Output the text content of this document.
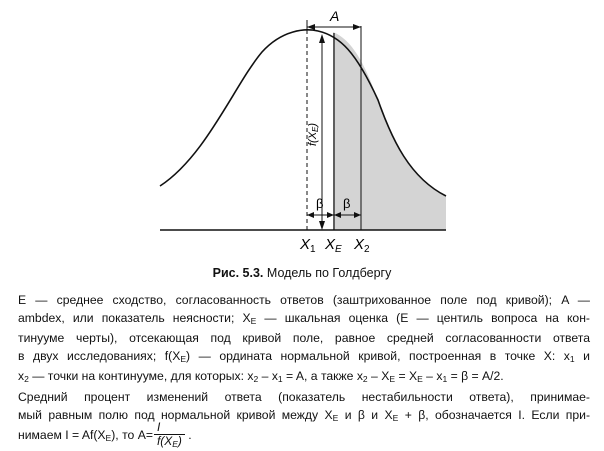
A
f(XE)
β β
$X_1$ $X_E$ $X_2$
Рис. 5.3. Модель по Голдбергу

E — среднее сходство, согласованность ответов (заштрихованное поле под кривой); A —

ambdex, или показатель неясности; $X_E$ — шкальная оценка (E — центиль вопроса на кон-

тинууме черты), отсекающая под кривой поле, равное средней согласованности ответа

в двух исследованиях; $f(X_E)$ — ордината нормальной кривой, построенная в точке X: $x_1$ и

$x_2$ — точки на континууме, для которых: $x_2 - x_1 = A$, а также $x_2 - X_E = X_E - x_1 = \beta = A/2$.

Средний процент изменений ответа (показатель нестабильности ответа), принимае-

мый равным полю под нормальной кривой между $X_E$ и β и $X_E + \beta$, обозначается I. Если при-

нимаем $I = Af(X_E)$, то $A= \frac{I}{f(X_E)}$ .
